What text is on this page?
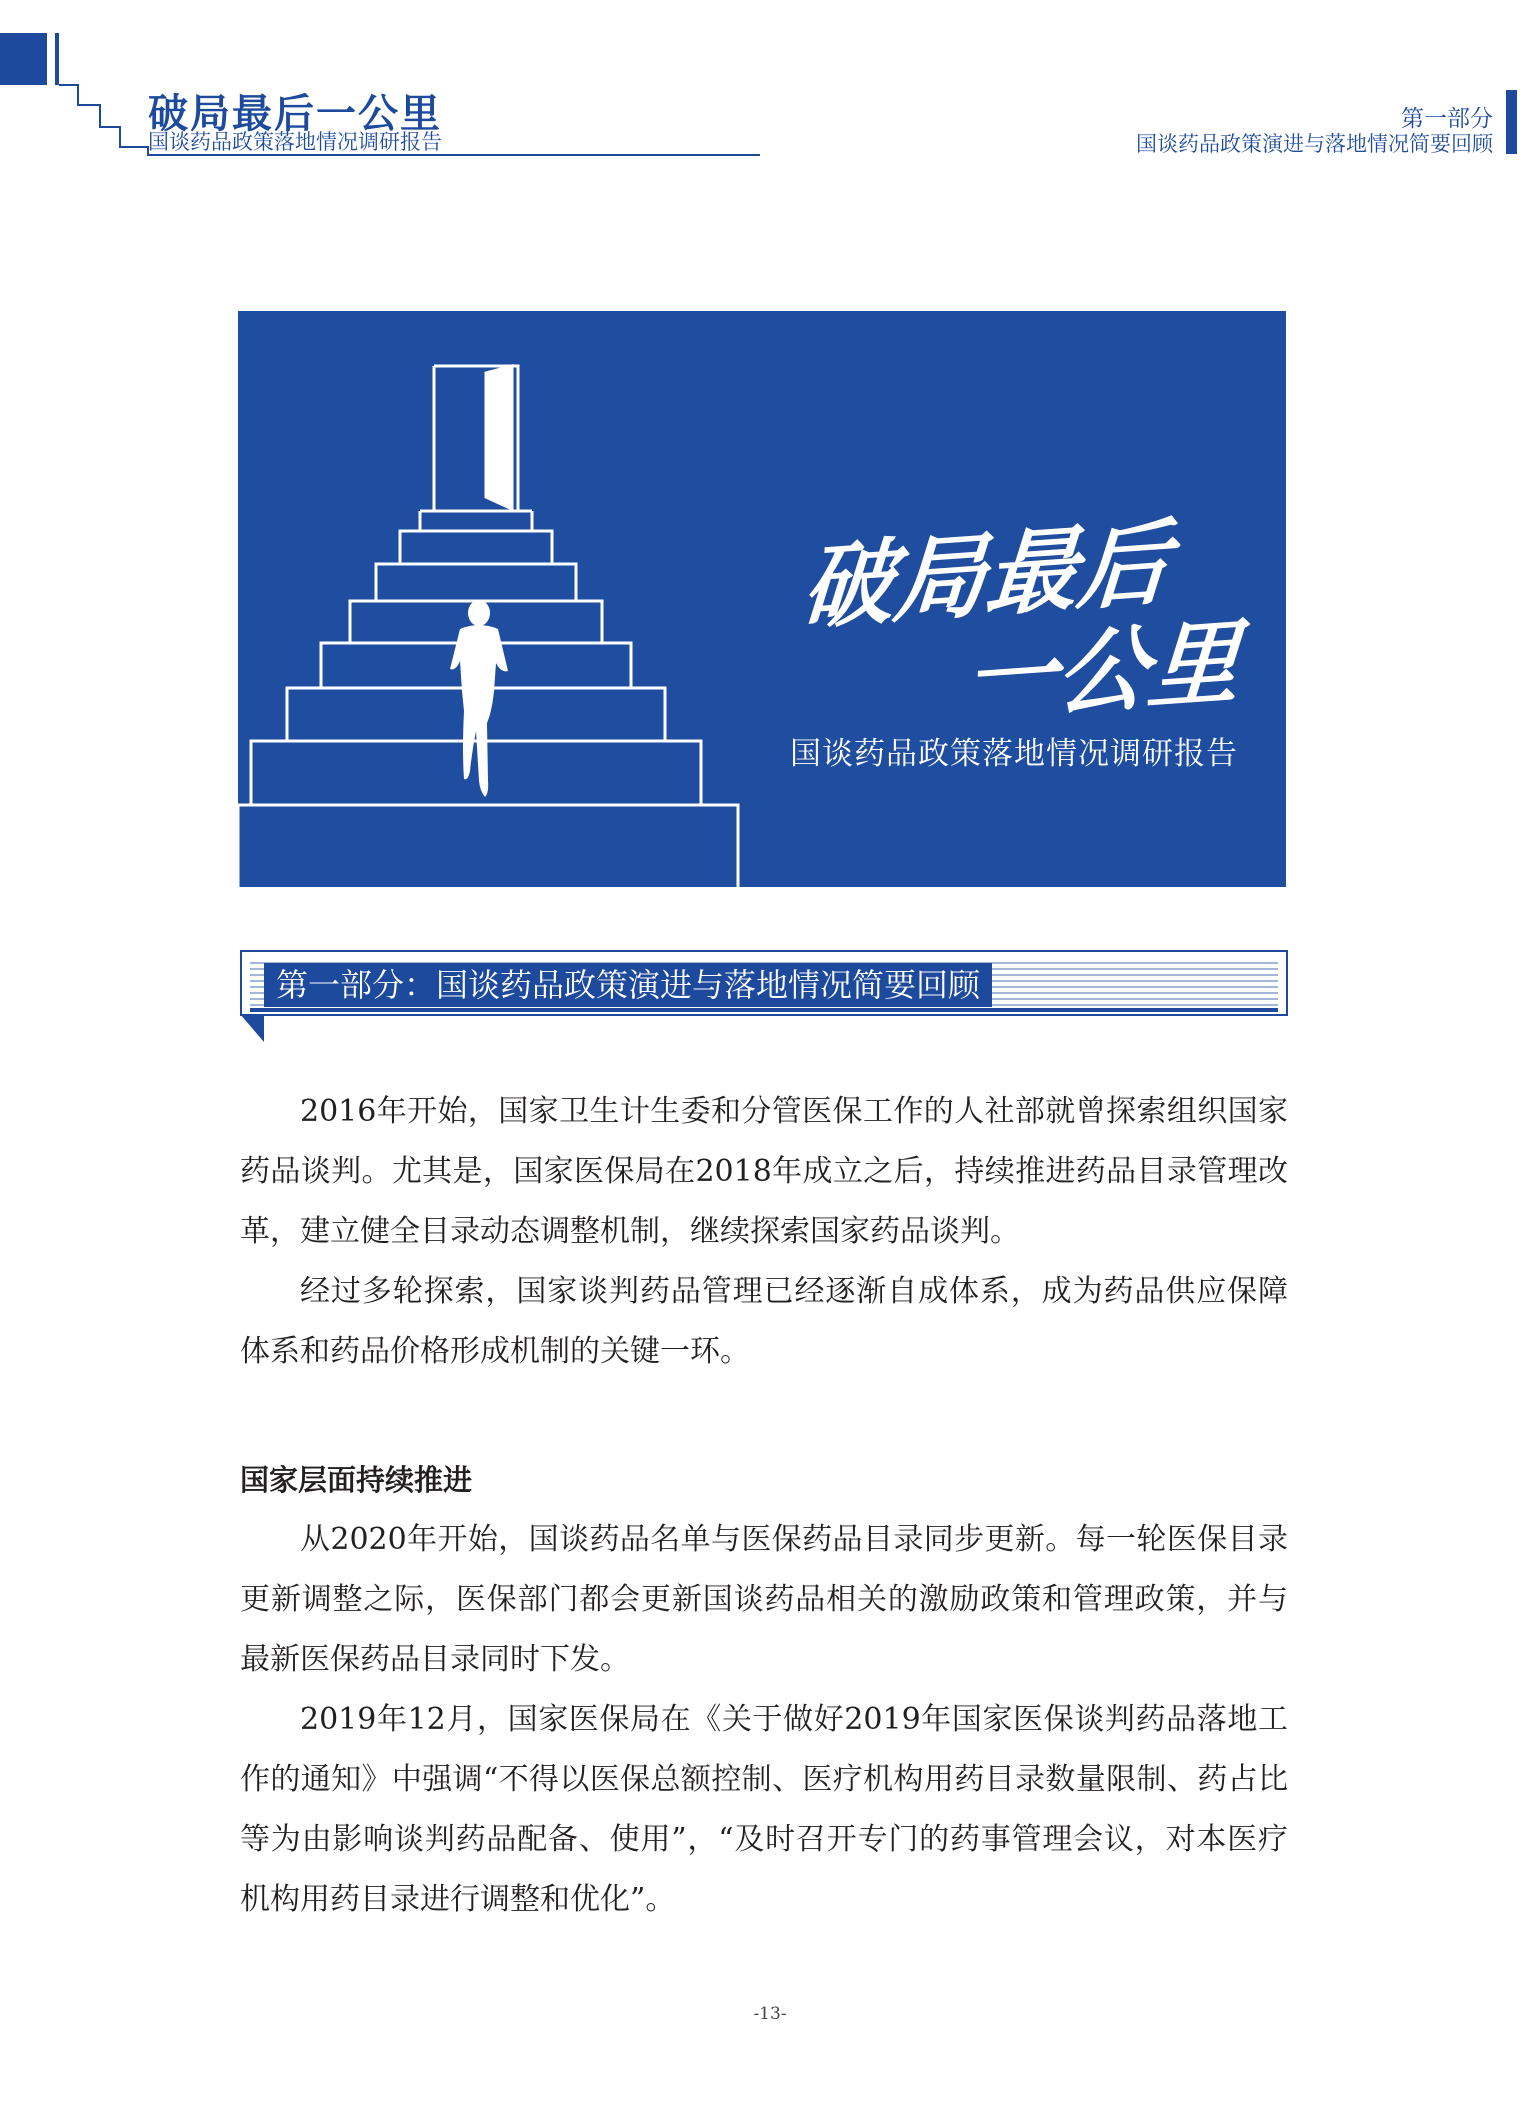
破局最后一公里
国谈药品政策落地情况调研报告
第一部分
国谈药品政策演进与落地情况简要回顾
破局最后
一公里
国谈药品政策落地情况调研报告
第一部分：国谈药品政策演进与落地情况简要回顾

2016年开始，国家卫生计生委和分管医保工作的人社部就曾探索组织国家药品谈判。尤其是，国家医保局在2018年成立之后，持续推进药品目录管理改革，建立健全目录动态调整机制，继续探索国家药品谈判。

经过多轮探索，国家谈判药品管理已经逐渐自成体系，成为药品供应保障体系和药品价格形成机制的关键一环。

国家层面持续推进

从2020年开始，国谈药品名单与医保药品目录同步更新。每一轮医保目录更新调整之际，医保部门都会更新国谈药品相关的激励政策和管理政策，并与最新医保药品目录同时下发。

2019年12月，国家医保局在《关于做好2019年国家医保谈判药品落地工作的通知》中强调“不得以医保总额控制、医疗机构用药目录数量限制、药占比等为由影响谈判药品配备、使用”，“及时召开专门的药事管理会议，对本医疗机构用药目录进行调整和优化”。

-13-
